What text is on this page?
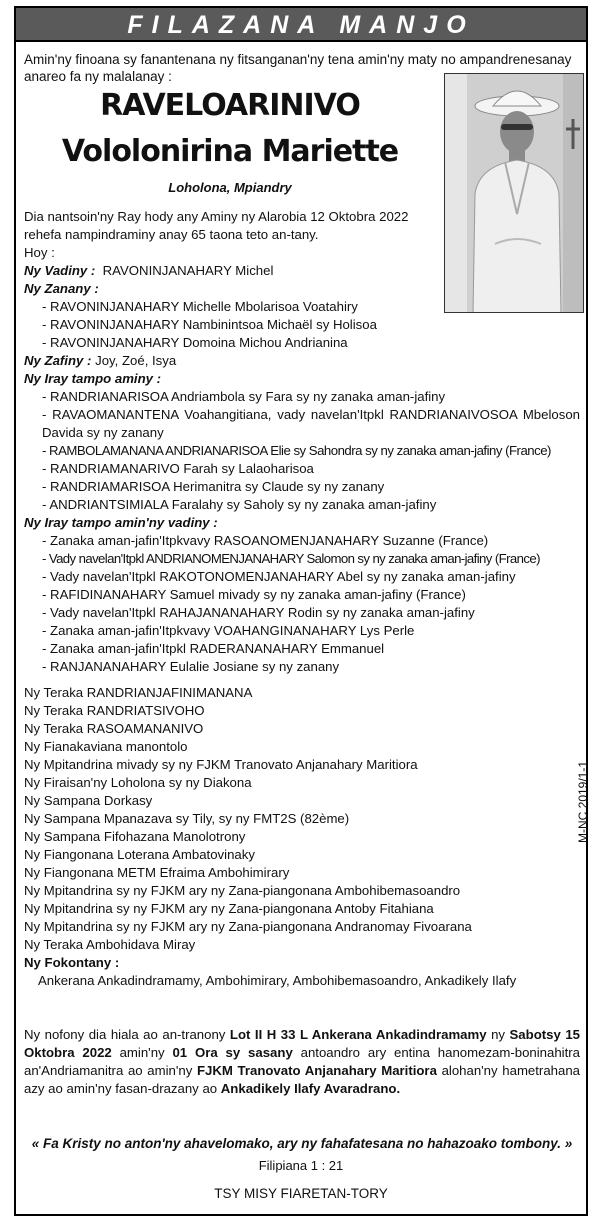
FILAZANA MANJO
Amin'ny finoana sy fanantenana ny fitsanganan'ny tena amin'ny maty no ampandrenesanay anareo fa ny malalanay :
RAVELOARINIVO
Vololonirina Mariette
Loholona, Mpiandry
Dia nantsoin'ny Ray hody any Aminy ny Alarobia 12 Oktobra 2022
rehefa nampindraminy anay 65 taona teto an-tany.
Hoy :
Ny Vadiny : RAVONINJANAHARY Michel
Ny Zanany :
- RAVONINJANAHARY Michelle Mbolarisoa Voatahiry
- RAVONINJANAHARY Nambinintsoa Michaël sy Holisoa
- RAVONINJANAHARY Domoina Michou Andrianina
Ny Zafiny : Joy, Zoé, Isya
Ny Iray tampo aminy :
- RANDRIANARISOA Andriambola sy Fara sy ny zanaka aman-jafiny
- RAVAOMANANTENA Voahangitiana, vady navelan'Itpkl RANDRIANAIVOSOA Mbeloson Davida sy ny zanany
- RAMBOLAMANANA ANDRIANARISOA Elie sy Sahondra sy ny zanaka aman-jafiny (France)
- RANDRIAMANARIVO Farah sy Lalaoharisoa
- RANDRIAMARISOA Herimanitra sy Claude sy ny zanany
- ANDRIANTSIMIALA Faralahy sy Saholy sy ny zanaka aman-jafiny
Ny Iray tampo amin'ny vadiny :
- Zanaka aman-jafin'Itpkvavy RASOANOMENJANAHARY Suzanne (France)
- Vady navelan'Itpkl ANDRIANOMENJANAHARY Salomon sy ny zanaka aman-jafiny (France)
- Vady navelan'Itpkl RAKOTONOMENJANAHARY Abel sy ny zanaka aman-jafiny
- RAFIDINANAHARY Samuel mivady sy ny zanaka aman-jafiny (France)
- Vady navelan'Itpkl RAHAJANANAHARY Rodin sy ny zanaka aman-jafiny
- Zanaka aman-jafin'Itpkvavy VOAHANGINANAHARY Lys Perle
- Zanaka aman-jafin'Itpkl RADERANANAHARY Emmanuel
- RANJANANAHARY Eulalie Josiane sy ny zanany
Ny Teraka RANDRIANJAFINIMANANA
Ny Teraka RANDRIATSIVOHO
Ny Teraka RASOAMANANIVO
Ny Fianakaviana manontolo
Ny Mpitandrina mivady sy ny FJKM Tranovato Anjanahary Maritiora
Ny Firaisan'ny Loholona sy ny Diakona
Ny Sampana Dorkasy
Ny Sampana Mpanazava sy Tily, sy ny FMT2S (82ème)
Ny Sampana Fifohazana Manolotrony
Ny Fiangonana Loterana Ambatovinaky
Ny Fiangonana METM Efraima Ambohimirary
Ny Mpitandrina sy ny FJKM ary ny Zana-piangonana Ambohibemasoandro
Ny Mpitandrina sy ny FJKM ary ny Zana-piangonana Antoby Fitahiana
Ny Mpitandrina sy ny FJKM ary ny Zana-piangonana Andranomay Fivoarana
Ny Teraka Ambohidava Miray
Ny Fokontany :
Ankerana Ankadindramamy, Ambohimirary, Ambohibemasoandro, Ankadikely Ilafy
Ny nofony dia hiala ao an-tranony Lot II H 33 L Ankerana Ankadindramamy ny Sabotsy 15 Oktobra 2022 amin'ny 01 Ora sy sasany antoandro ary entina hanomezam-boninahitra an'Andriamanitra ao amin'ny FJKM Tranovato Anjanahary Maritiora alohan'ny hametrahana azy ao amin'ny fasan-drazany ao Ankadikely Ilafy Avaradrano.
« Fa Kristy no anton'ny ahavelomako, ary ny fahafatesana no hahazoako tombony. »
Filipiana 1 : 21
TSY MISY FIARETAN-TORY
M-NC 2019/1-1
